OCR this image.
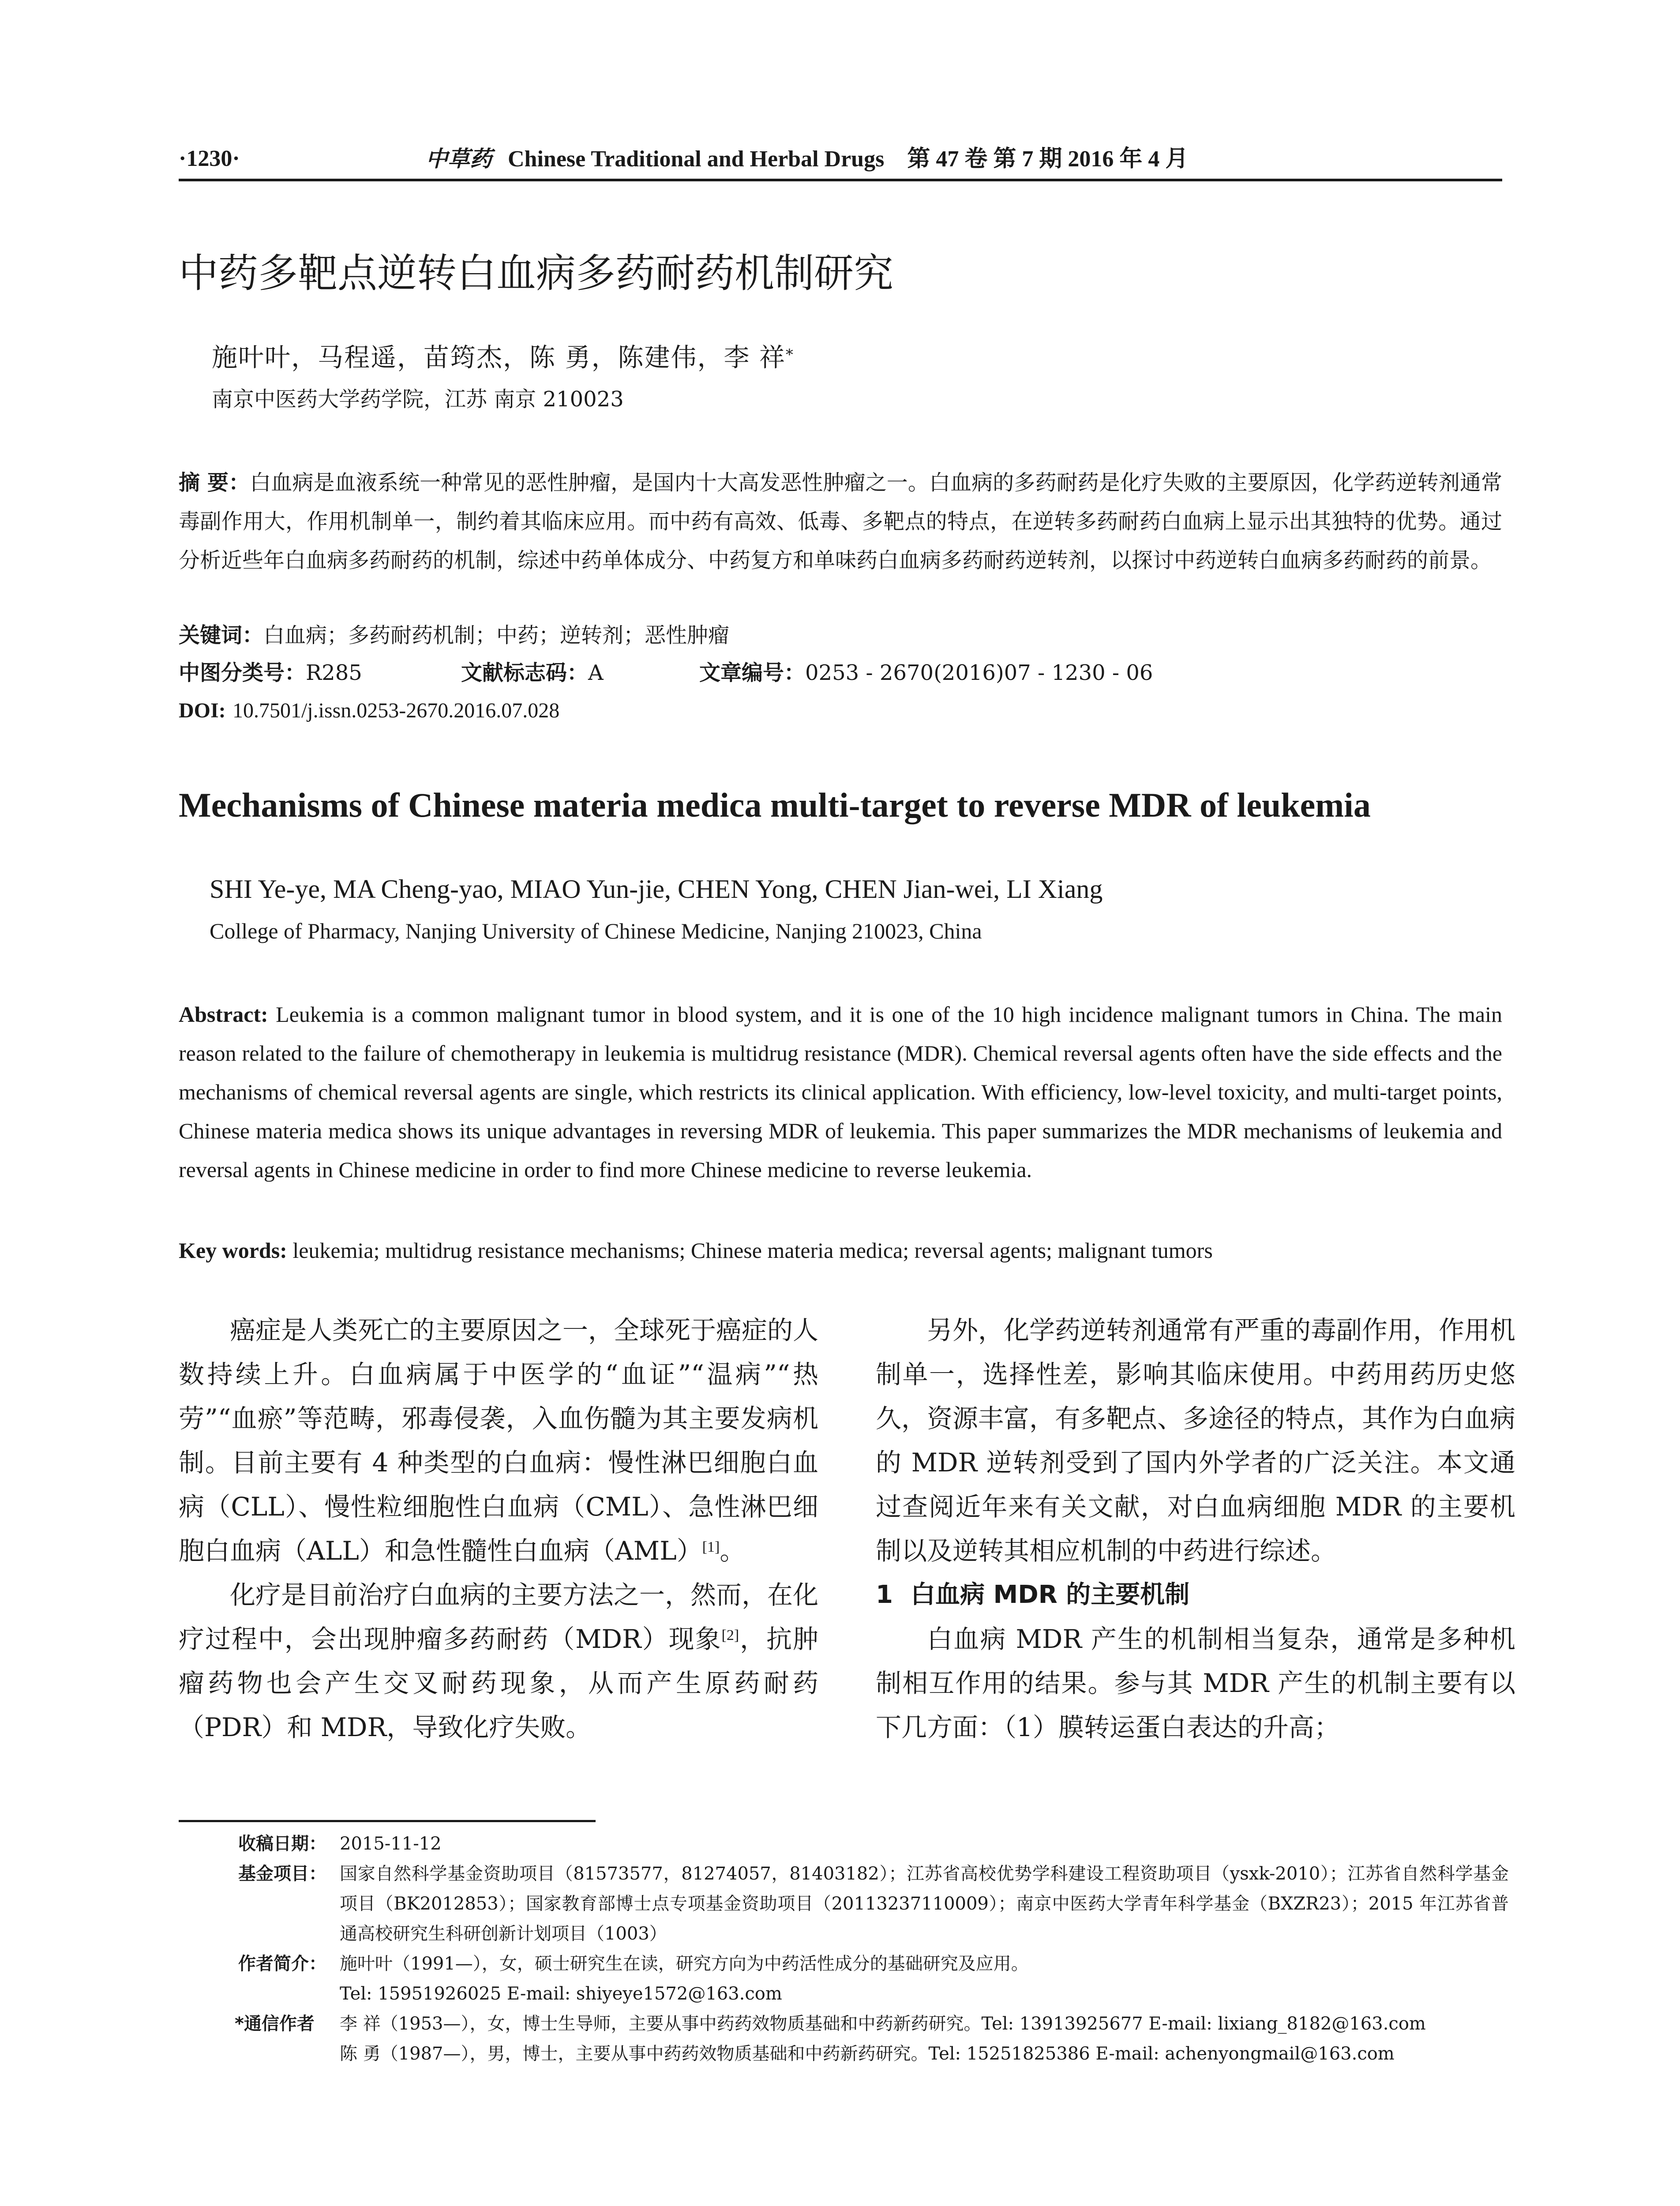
·1230·	中草药 Chinese Traditional and Herbal Drugs 第 47 卷 第 7 期 2016 年 4 月
中药多靶点逆转白血病多药耐药机制研究
施叶叶，马程遥，苗筠杰，陈 勇，陈建伟，李 祥*
南京中医药大学药学院，江苏 南京 210023
摘 要：白血病是血液系统一种常见的恶性肿瘤，是国内十大高发恶性肿瘤之一。白血病的多药耐药是化疗失败的主要原因，化学药逆转剂通常毒副作用大，作用机制单一，制约着其临床应用。而中药有高效、低毒、多靶点的特点，在逆转多药耐药白血病上显示出其独特的优势。通过分析近些年白血病多药耐药的机制，综述中药单体成分、中药复方和单味药白血病多药耐药逆转剂，以探讨中药逆转白血病多药耐药的前景。
关键词：白血病；多药耐药机制；中药；逆转剂；恶性肿瘤
中图分类号：R285	文献标志码：A	文章编号：0253 - 2670(2016)07 - 1230 - 06
DOI: 10.7501/j.issn.0253-2670.2016.07.028
Mechanisms of Chinese materia medica multi-target to reverse MDR of leukemia
SHI Ye-ye, MA Cheng-yao, MIAO Yun-jie, CHEN Yong, CHEN Jian-wei, LI Xiang
College of Pharmacy, Nanjing University of Chinese Medicine, Nanjing 210023, China
Abstract: Leukemia is a common malignant tumor in blood system, and it is one of the 10 high incidence malignant tumors in China. The main reason related to the failure of chemotherapy in leukemia is multidrug resistance (MDR). Chemical reversal agents often have the side effects and the mechanisms of chemical reversal agents are single, which restricts its clinical application. With efficiency, low-level toxicity, and multi-target points, Chinese materia medica shows its unique advantages in reversing MDR of leukemia. This paper summarizes the MDR mechanisms of leukemia and reversal agents in Chinese medicine in order to find more Chinese medicine to reverse leukemia.
Key words: leukemia; multidrug resistance mechanisms; Chinese materia medica; reversal agents; malignant tumors

癌症是人类死亡的主要原因之一，全球死于癌症的人数持续上升。白血病属于中医学的“血证”“温病”“热劳”“血瘀”等范畴，邪毒侵袭，入血伤髓为其主要发病机制。目前主要有 4 种类型的白血病：慢性淋巴细胞白血病（CLL）、慢性粒细胞性白血病（CML）、急性淋巴细胞白血病（ALL）和急性髓性白血病（AML）[1]。

化疗是目前治疗白血病的主要方法之一，然而，在化疗过程中，会出现肿瘤多药耐药（MDR）现象[2]，抗肿瘤药物也会产生交叉耐药现象，从而产生原药耐药（PDR）和 MDR，导致化疗失败。

另外，化学药逆转剂通常有严重的毒副作用，作用机制单一，选择性差，影响其临床使用。中药用药历史悠久，资源丰富，有多靶点、多途径的特点，其作为白血病的 MDR 逆转剂受到了国内外学者的广泛关注。本文通过查阅近年来有关文献，对白血病细胞 MDR 的主要机制以及逆转其相应机制的中药进行综述。

1 白血病 MDR 的主要机制

白血病 MDR 产生的机制相当复杂，通常是多种机制相互作用的结果。参与其 MDR 产生的机制主要有以下几方面：（1）膜转运蛋白表达的升高；

收稿日期： 2015-11-12
基金项目： 国家自然科学基金资助项目（81573577，81274057，81403182）；江苏省高校优势学科建设工程资助项目（ysxk-2010）；江苏省自然科学基金项目（BK2012853）；国家教育部博士点专项基金资助项目（20113237110009）；南京中医药大学青年科学基金（BXZR23）；2015 年江苏省普通高校研究生科研创新计划项目（1003）
作者简介： 施叶叶（1991—），女，硕士研究生在读，研究方向为中药活性成分的基础研究及应用。
Tel: 15951926025 E-mail: shiyeye1572@163.com
*通信作者 李 祥（1953—），女，博士生导师，主要从事中药药效物质基础和中药新药研究。Tel: 13913925677 E-mail: lixiang_8182@163.com
陈 勇（1987—），男，博士，主要从事中药药效物质基础和中药新药研究。Tel: 15251825386 E-mail: achenyongmail@163.com
